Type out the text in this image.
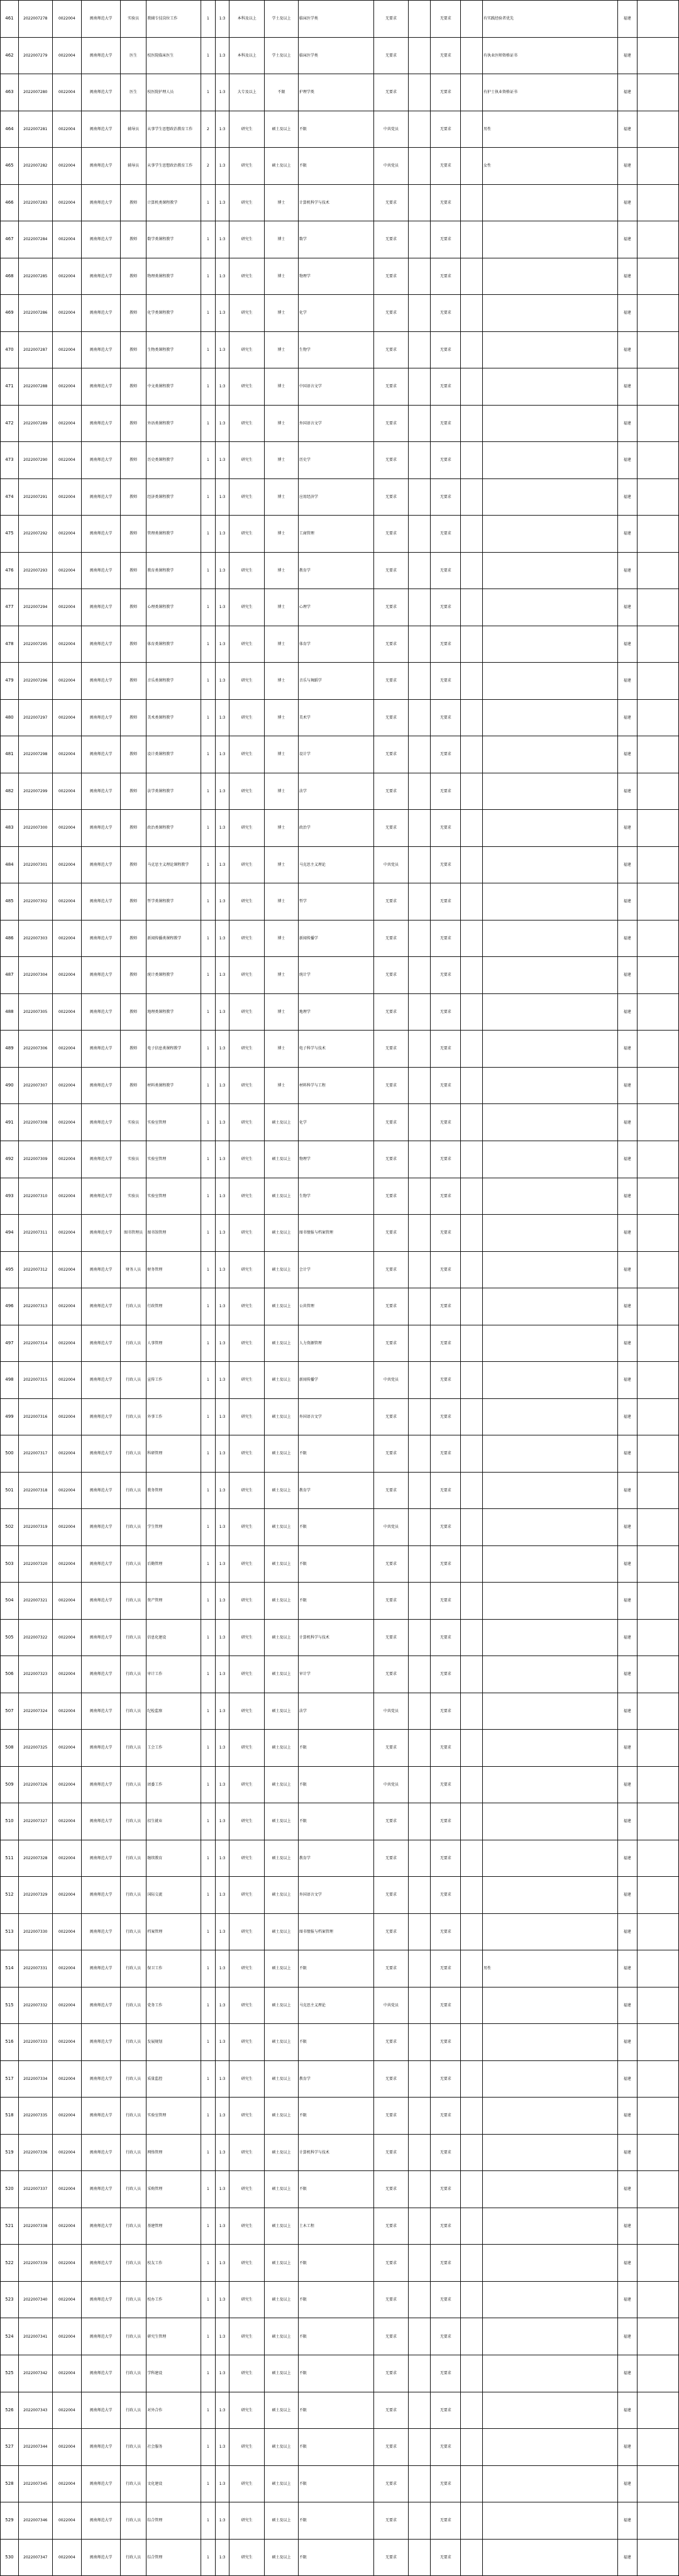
461	2022007278	0022004	闽南师范大学	实验员	教辅专技岗位工作	1	1:3	本科及以上	学士及以上	临床医学类	无要求		无要求		有实践经验者优先	福建	
462	2022007279	0022004	闽南师范大学	医生	校医院临床医生	1	1:3	本科及以上	学士及以上	临床医学类	无要求		无要求		有执业医师资格证书	福建	
463	2022007280	0022004	闽南师范大学	医生	校医院护理人员	1	1:3	大专及以上	不限	护理学类	无要求		无要求		有护士执业资格证书	福建	
464	2022007281	0022004	闽南师范大学	辅导员	从事学生思想政治教育工作	2	1:3	研究生	硕士及以上	不限	中共党员		无要求		男性	福建	
465	2022007282	0022004	闽南师范大学	辅导员	从事学生思想政治教育工作	2	1:3	研究生	硕士及以上	不限	中共党员		无要求		女性	福建	
466	2022007283	0022004	闽南师范大学	教师	计算机类课程教学	1	1:3	研究生	博士	计算机科学与技术	无要求		无要求			福建	
467	2022007284	0022004	闽南师范大学	教师	数学类课程教学	1	1:3	研究生	博士	数学	无要求		无要求			福建	
468	2022007285	0022004	闽南师范大学	教师	物理类课程教学	1	1:3	研究生	博士	物理学	无要求		无要求			福建	
469	2022007286	0022004	闽南师范大学	教师	化学类课程教学	1	1:3	研究生	博士	化学	无要求		无要求			福建	
470	2022007287	0022004	闽南师范大学	教师	生物类课程教学	1	1:3	研究生	博士	生物学	无要求		无要求			福建	
471	2022007288	0022004	闽南师范大学	教师	中文类课程教学	1	1:3	研究生	博士	中国语言文学	无要求		无要求			福建	
472	2022007289	0022004	闽南师范大学	教师	外语类课程教学	1	1:3	研究生	博士	外国语言文学	无要求		无要求			福建	
473	2022007290	0022004	闽南师范大学	教师	历史类课程教学	1	1:3	研究生	博士	历史学	无要求		无要求			福建	
474	2022007291	0022004	闽南师范大学	教师	经济类课程教学	1	1:3	研究生	博士	应用经济学	无要求		无要求			福建	
475	2022007292	0022004	闽南师范大学	教师	管理类课程教学	1	1:3	研究生	博士	工商管理	无要求		无要求			福建	
476	2022007293	0022004	闽南师范大学	教师	教育类课程教学	1	1:3	研究生	博士	教育学	无要求		无要求			福建	
477	2022007294	0022004	闽南师范大学	教师	心理类课程教学	1	1:3	研究生	博士	心理学	无要求		无要求			福建	
478	2022007295	0022004	闽南师范大学	教师	体育类课程教学	1	1:3	研究生	博士	体育学	无要求		无要求			福建	
479	2022007296	0022004	闽南师范大学	教师	音乐类课程教学	1	1:3	研究生	博士	音乐与舞蹈学	无要求		无要求			福建	
480	2022007297	0022004	闽南师范大学	教师	美术类课程教学	1	1:3	研究生	博士	美术学	无要求		无要求			福建	
481	2022007298	0022004	闽南师范大学	教师	设计类课程教学	1	1:3	研究生	博士	设计学	无要求		无要求			福建	
482	2022007299	0022004	闽南师范大学	教师	法学类课程教学	1	1:3	研究生	博士	法学	无要求		无要求			福建	
483	2022007300	0022004	闽南师范大学	教师	政治类课程教学	1	1:3	研究生	博士	政治学	无要求		无要求			福建	
484	2022007301	0022004	闽南师范大学	教师	马克思主义理论课程教学	1	1:3	研究生	博士	马克思主义理论	中共党员		无要求			福建	
485	2022007302	0022004	闽南师范大学	教师	哲学类课程教学	1	1:3	研究生	博士	哲学	无要求		无要求			福建	
486	2022007303	0022004	闽南师范大学	教师	新闻传播类课程教学	1	1:3	研究生	博士	新闻传播学	无要求		无要求			福建	
487	2022007304	0022004	闽南师范大学	教师	统计类课程教学	1	1:3	研究生	博士	统计学	无要求		无要求			福建	
488	2022007305	0022004	闽南师范大学	教师	地理类课程教学	1	1:3	研究生	博士	地理学	无要求		无要求			福建	
489	2022007306	0022004	闽南师范大学	教师	电子信息类课程教学	1	1:3	研究生	博士	电子科学与技术	无要求		无要求			福建	
490	2022007307	0022004	闽南师范大学	教师	材料类课程教学	1	1:3	研究生	博士	材料科学与工程	无要求		无要求			福建	
491	2022007308	0022004	闽南师范大学	实验员	实验室管理	1	1:3	研究生	硕士及以上	化学	无要求		无要求			福建	
492	2022007309	0022004	闽南师范大学	实验员	实验室管理	1	1:3	研究生	硕士及以上	物理学	无要求		无要求			福建	
493	2022007310	0022004	闽南师范大学	实验员	实验室管理	1	1:3	研究生	硕士及以上	生物学	无要求		无要求			福建	
494	2022007311	0022004	闽南师范大学	图书管理员	图书馆管理	1	1:3	研究生	硕士及以上	图书情报与档案管理	无要求		无要求			福建	
495	2022007312	0022004	闽南师范大学	财务人员	财务管理	1	1:3	研究生	硕士及以上	会计学	无要求		无要求			福建	
496	2022007313	0022004	闽南师范大学	行政人员	行政管理	1	1:3	研究生	硕士及以上	公共管理	无要求		无要求			福建	
497	2022007314	0022004	闽南师范大学	行政人员	人事管理	1	1:3	研究生	硕士及以上	人力资源管理	无要求		无要求			福建	
498	2022007315	0022004	闽南师范大学	行政人员	宣传工作	1	1:3	研究生	硕士及以上	新闻传播学	中共党员		无要求			福建	
499	2022007316	0022004	闽南师范大学	行政人员	外事工作	1	1:3	研究生	硕士及以上	外国语言文学	无要求		无要求			福建	
500	2022007317	0022004	闽南师范大学	行政人员	科研管理	1	1:3	研究生	硕士及以上	不限	无要求		无要求			福建	
501	2022007318	0022004	闽南师范大学	行政人员	教务管理	1	1:3	研究生	硕士及以上	教育学	无要求		无要求			福建	
502	2022007319	0022004	闽南师范大学	行政人员	学生管理	1	1:3	研究生	硕士及以上	不限	中共党员		无要求			福建	
503	2022007320	0022004	闽南师范大学	行政人员	后勤管理	1	1:3	研究生	硕士及以上	不限	无要求		无要求			福建	
504	2022007321	0022004	闽南师范大学	行政人员	资产管理	1	1:3	研究生	硕士及以上	不限	无要求		无要求			福建	
505	2022007322	0022004	闽南师范大学	行政人员	信息化建设	1	1:3	研究生	硕士及以上	计算机科学与技术	无要求		无要求			福建	
506	2022007323	0022004	闽南师范大学	行政人员	审计工作	1	1:3	研究生	硕士及以上	审计学	无要求		无要求			福建	
507	2022007324	0022004	闽南师范大学	行政人员	纪检监察	1	1:3	研究生	硕士及以上	法学	中共党员		无要求			福建	
508	2022007325	0022004	闽南师范大学	行政人员	工会工作	1	1:3	研究生	硕士及以上	不限	无要求		无要求			福建	
509	2022007326	0022004	闽南师范大学	行政人员	团委工作	1	1:3	研究生	硕士及以上	不限	中共党员		无要求			福建	
510	2022007327	0022004	闽南师范大学	行政人员	招生就业	1	1:3	研究生	硕士及以上	不限	无要求		无要求			福建	
511	2022007328	0022004	闽南师范大学	行政人员	继续教育	1	1:3	研究生	硕士及以上	教育学	无要求		无要求			福建	
512	2022007329	0022004	闽南师范大学	行政人员	国际交流	1	1:3	研究生	硕士及以上	外国语言文学	无要求		无要求			福建	
513	2022007330	0022004	闽南师范大学	行政人员	档案管理	1	1:3	研究生	硕士及以上	图书情报与档案管理	无要求		无要求			福建	
514	2022007331	0022004	闽南师范大学	行政人员	保卫工作	1	1:3	研究生	硕士及以上	不限	无要求		无要求		男性	福建	
515	2022007332	0022004	闽南师范大学	行政人员	党务工作	1	1:3	研究生	硕士及以上	马克思主义理论	中共党员		无要求			福建	
516	2022007333	0022004	闽南师范大学	行政人员	发展规划	1	1:3	研究生	硕士及以上	不限	无要求		无要求			福建	
517	2022007334	0022004	闽南师范大学	行政人员	质量监控	1	1:3	研究生	硕士及以上	教育学	无要求		无要求			福建	
518	2022007335	0022004	闽南师范大学	行政人员	实验室管理	1	1:3	研究生	硕士及以上	不限	无要求		无要求			福建	
519	2022007336	0022004	闽南师范大学	行政人员	网络管理	1	1:3	研究生	硕士及以上	计算机科学与技术	无要求		无要求			福建	
520	2022007337	0022004	闽南师范大学	行政人员	采购管理	1	1:3	研究生	硕士及以上	不限	无要求		无要求			福建	
521	2022007338	0022004	闽南师范大学	行政人员	基建管理	1	1:3	研究生	硕士及以上	土木工程	无要求		无要求			福建	
522	2022007339	0022004	闽南师范大学	行政人员	校友工作	1	1:3	研究生	硕士及以上	不限	无要求		无要求			福建	
523	2022007340	0022004	闽南师范大学	行政人员	校办工作	1	1:3	研究生	硕士及以上	不限	无要求		无要求			福建	
524	2022007341	0022004	闽南师范大学	行政人员	研究生管理	1	1:3	研究生	硕士及以上	不限	无要求		无要求			福建	
525	2022007342	0022004	闽南师范大学	行政人员	学科建设	1	1:3	研究生	硕士及以上	不限	无要求		无要求			福建	
526	2022007343	0022004	闽南师范大学	行政人员	对外合作	1	1:3	研究生	硕士及以上	不限	无要求		无要求			福建	
527	2022007344	0022004	闽南师范大学	行政人员	社会服务	1	1:3	研究生	硕士及以上	不限	无要求		无要求			福建	
528	2022007345	0022004	闽南师范大学	行政人员	文化建设	1	1:3	研究生	硕士及以上	不限	无要求		无要求			福建	
529	2022007346	0022004	闽南师范大学	行政人员	综合管理	1	1:3	研究生	硕士及以上	不限	无要求		无要求			福建	
530	2022007347	0022004	闽南师范大学	行政人员	综合管理	1	1:3	研究生	硕士及以上	不限	无要求		无要求			福建	
